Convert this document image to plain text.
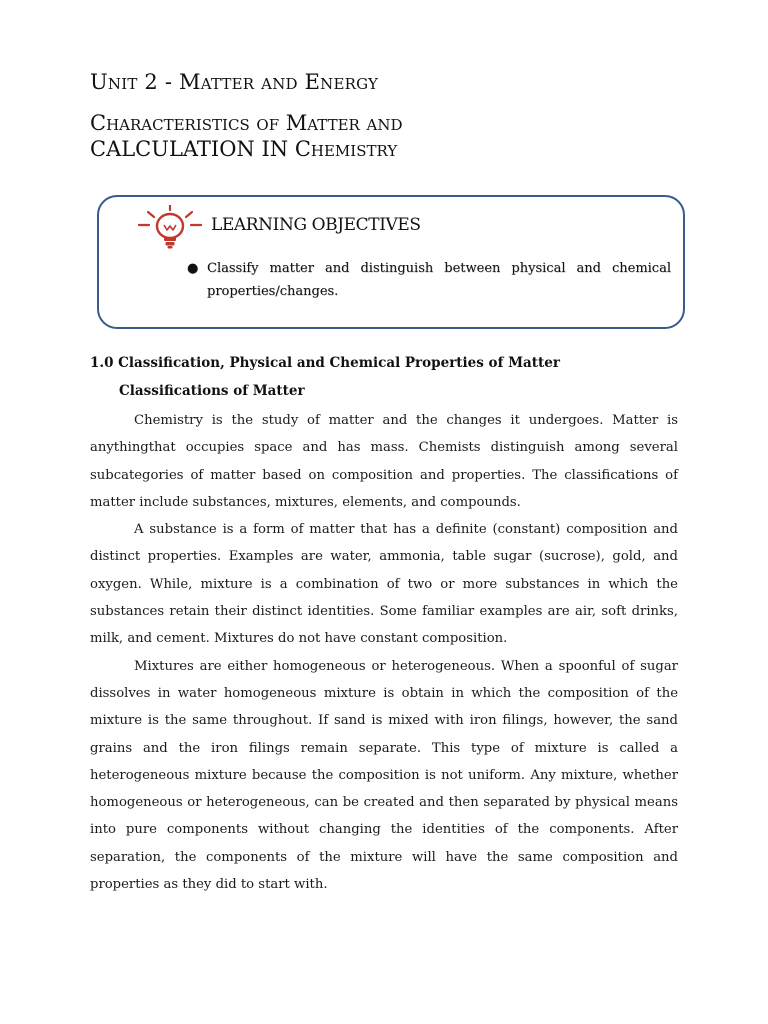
Unit 2 - Matter and Energy
Characteristics of Matter and
CALCULATION IN Chemistry
LEARNING OBJECTIVES
● Classify matter and distinguish between physical and chemical properties/changes.
1.0 Classification, Physical and Chemical Properties of Matter
Classifications of Matter

Chemistry is the study of matter and the changes it undergoes. Matter is anythingthat occupies space and has mass. Chemists distinguish among several subcategories of matter based on composition and properties. The classifications of matter include substances, mixtures, elements, and compounds.

A substance is a form of matter that has a definite (constant) composition and distinct properties. Examples are water, ammonia, table sugar (sucrose), gold, and oxygen. While, mixture is a combination of two or more substances in which the substances retain their distinct identities. Some familiar examples are air, soft drinks, milk, and cement. Mixtures do not have constant composition.

Mixtures are either homogeneous or heterogeneous. When a spoonful of sugar dissolves in water homogeneous mixture is obtain in which the composition of the mixture is the same throughout. If sand is mixed with iron filings, however, the sand grains and the iron filings remain separate. This type of mixture is called a heterogeneous mixture because the composition is not uniform. Any mixture, whether homogeneous or heterogeneous, can be created and then separated by physical means into pure components without changing the identities of the components. After separation, the components of the mixture will have the same composition and properties as they did to start with.
